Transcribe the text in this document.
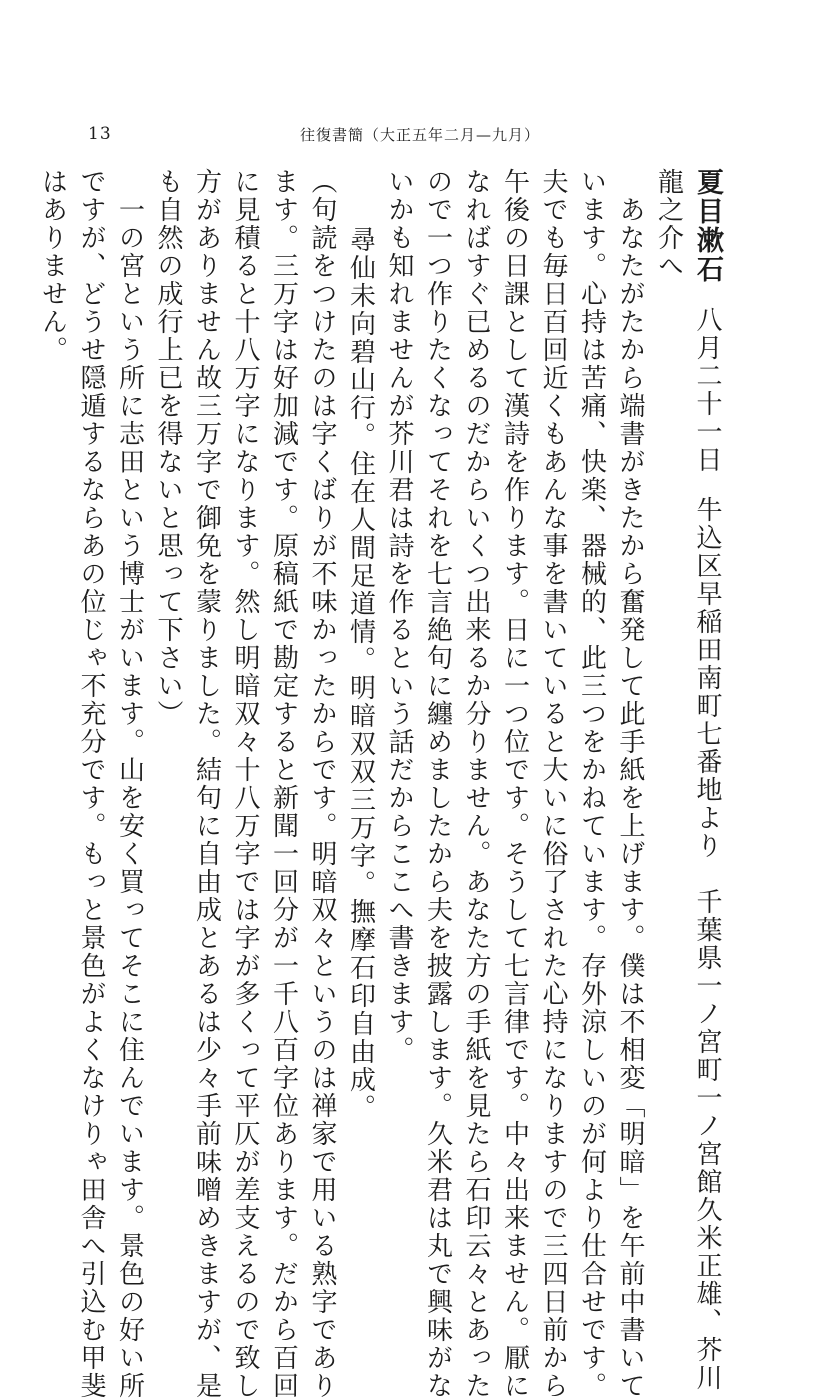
13	往復書簡（大正五年二月—九月）
夏目漱石八月二十一日牛込区早稲田南町七番地より　千葉県一ノ宮町一ノ宮館久米正雄、芥川
龍之介へ
　あなたがたから端書がきたから奮発して此手紙を上げます。僕は不相変「明暗」を午前中書いて
います。心持は苦痛、快楽、器械的、此三つをかねています。存外涼しいのが何より仕合せです。
夫でも毎日百回近くもあんな事を書いていると大いに俗了された心持になりますので三四日前から
午後の日課として漢詩を作ります。日に一つ位です。そうして七言律です。中々出来ません。厭に
なればすぐ已めるのだからいくつ出来るか分りません。あなた方の手紙を見たら石印云々とあった
ので一つ作りたくなってそれを七言絶句に纏めましたから夫を披露します。久米君は丸で興味がな
いかも知れませんが芥川君は詩を作るという話だからここへ書きます。
　尋仙未向碧山行。住在人間足道情。明暗双双三万字。撫摩石印自由成。
（句読をつけたのは字くばりが不味かったからです。明暗双々というのは禅家で用いる熟字であり
ます。三万字は好加減です。原稿紙で勘定すると新聞一回分が一千八百字位あります。だから百回
に見積ると十八万字になります。然し明暗双々十八万字では字が多くって平仄が差支えるので致し
方がありません故三万字で御免を蒙りました。結句に自由成とあるは少々手前味噌めきますが、是
も自然の成行上已を得ないと思って下さい）
　一の宮という所に志田という博士がいます。山を安く買ってそこに住んでいます。景色の好い所
ですが、どうせ隠遁するならあの位じゃ不充分です。もっと景色がよくなけりゃ田舎へ引込む甲斐
はありません。
